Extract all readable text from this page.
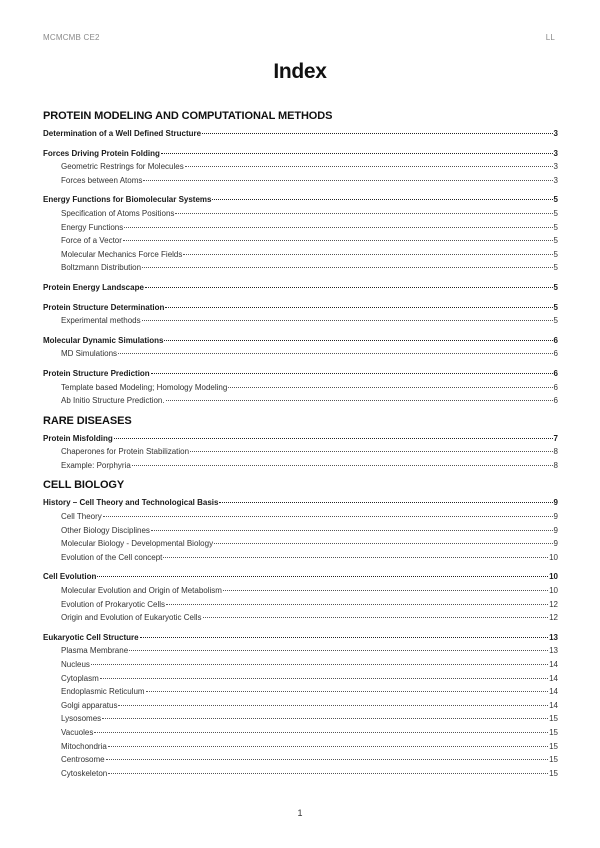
MCMCMB CE2	LL
Index
PROTEIN MODELING AND COMPUTATIONAL METHODS
Determination of a Well Defined Structure	3
Forces Driving Protein Folding	3
Geometric Restrings for Molecules	3
Forces between Atoms	3
Energy Functions for Biomolecular Systems	5
Specification of Atoms Positions	5
Energy Functions	5
Force of a Vector	5
Molecular Mechanics Force Fields	5
Boltzmann Distribution	5
Protein Energy Landscape	5
Protein Structure Determination	5
Experimental methods	5
Molecular Dynamic Simulations	6
MD Simulations	6
Protein Structure Prediction	6
Template based Modeling; Homology Modeling	6
Ab Initio Structure Prediction.	6
RARE DISEASES
Protein Misfolding	7
Chaperones for Protein Stabilization	8
Example: Porphyria	8
CELL BIOLOGY
History – Cell Theory and Technological Basis	9
Cell Theory	9
Other Biology Disciplines	9
Molecular Biology - Developmental Biology	9
Evolution of the Cell concept	10
Cell Evolution	10
Molecular Evolution and Origin of Metabolism	10
Evolution of Prokaryotic Cells	12
Origin and Evolution of Eukaryotic Cells	12
Eukaryotic Cell Structure	13
Plasma Membrane	13
Nucleus	14
Cytoplasm	14
Endoplasmic Reticulum	14
Golgi apparatus	14
Lysosomes	15
Vacuoles	15
Mitochondria	15
Centrosome	15
Cytoskeleton	15
1
